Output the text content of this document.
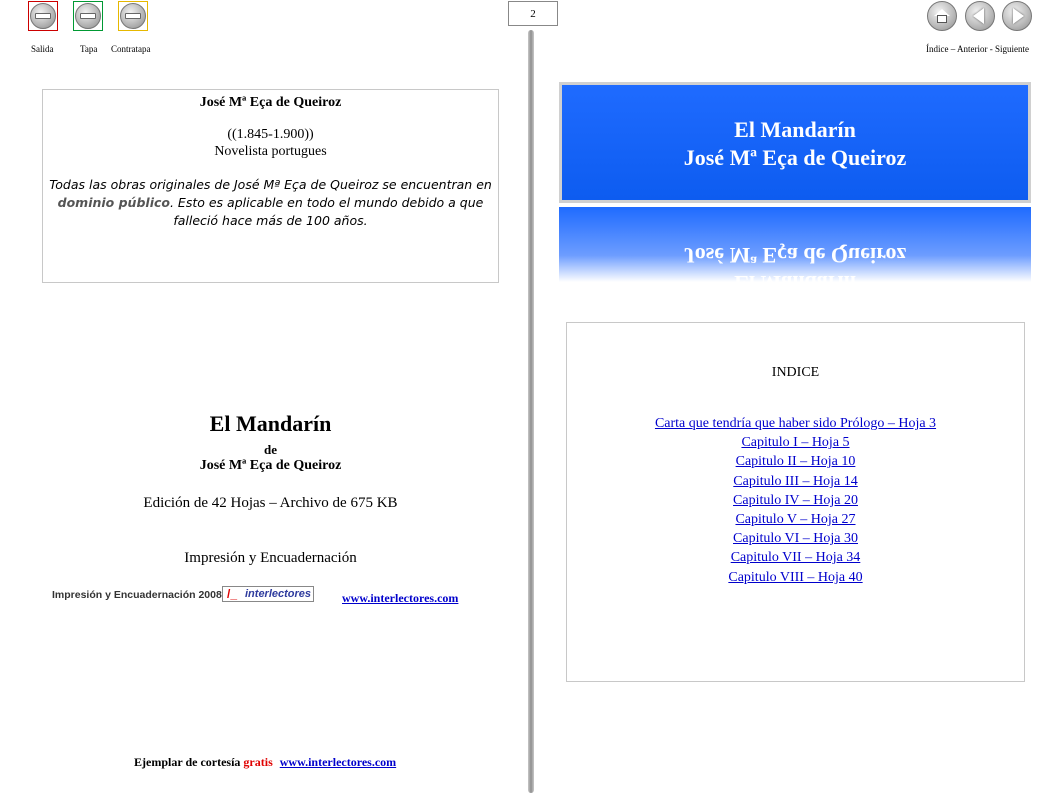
Salida	Tapa Contratapa
2
Índice – Anterior - Siguiente
José Mª Eça de Queiroz
((1.845-1.900))
Novelista portugues
Todas las obras originales de José Mª Eça de Queiroz se encuentran en dominio público. Esto es aplicable en todo el mundo debido a que falleció hace más de 100 años.
El Mandarín
de
José Mª Eça de Queiroz
Edición de 42 Hojas – Archivo de 675 KB
Impresión y Encuadernación
Impresión y Encuadernación 2008 /_ interlectores	www.interlectores.com
Ejemplar de cortesía gratis www.interlectores.com
El Mandarín
José Mª Eça de Queiroz
El Mandarín
José Mª Eça de Queiroz
INDICE
Carta que tendría que haber sido Prólogo – Hoja 3
Capitulo I – Hoja 5
Capitulo II – Hoja 10
Capitulo III – Hoja 14
Capitulo IV – Hoja 20
Capitulo V – Hoja 27
Capitulo VI – Hoja 30
Capitulo VII – Hoja 34
Capitulo VIII – Hoja 40
